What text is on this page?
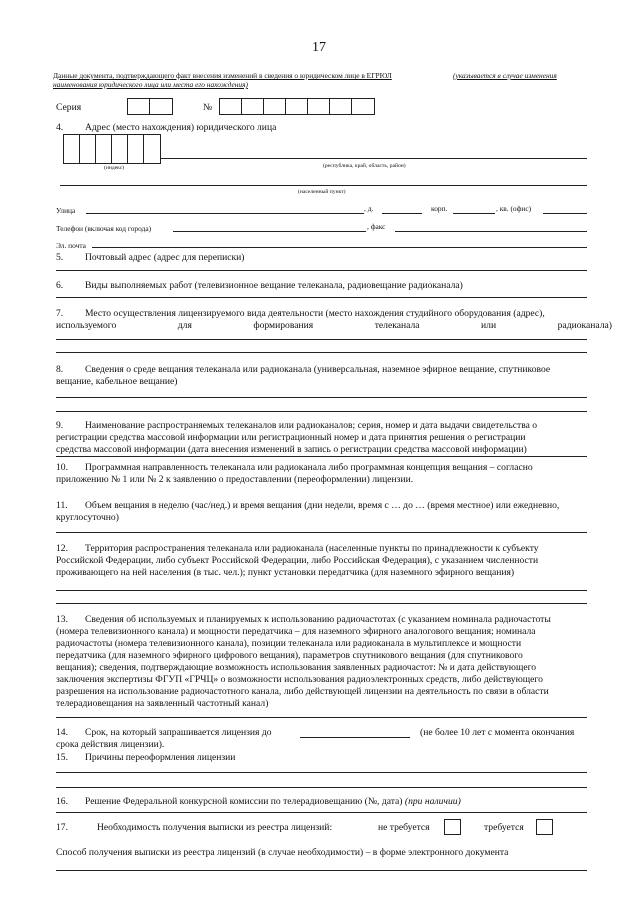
17
Данные документа, подтверждающего факт внесения изменений в сведения о юридическом лице в ЕГРЮЛ	(указывается в случае изменения наименования юридического лица или места его нахождения)
Серия	№
4. Адрес (место нахождения) юридического лица
(индекс)	(республика, край, область, район)
(населенный пункт)
Улица	, д.	корп.	, кв. (офис)
Телефон (включая код города)	, факс
Эл. почта
5. Почтовый адрес (адрес для переписки)
6. Виды выполняемых работ (телевизионное вещание телеканала, радиовещание радиоканала)
7. Место осуществления лицензируемого вида деятельности (место нахождения студийного оборудования (адрес),
используемого для формирования телеканала или радиоканала)
8. Сведения о среде вещания телеканала или радиоканала (универсальная, наземное эфирное вещание, спутниковое
вещание, кабельное вещание)
9. Наименование распространяемых телеканалов или радиоканалов; серия, номер и дата выдачи свидетельства о
регистрации средства массовой информации или регистрационный номер и дата принятия решения о регистрации
средства массовой информации (дата внесения изменений в запись о регистрации средства массовой информации)
10. Программная направленность телеканала или радиоканала либо программная концепция вещания – согласно
приложению № 1 или № 2 к заявлению о предоставлении (переоформлении) лицензии.
11. Объем вещания в неделю (час/нед.) и время вещания (дни недели, время с … до … (время местное) или ежедневно,
круглосуточно)
12. Территория распространения телеканала или радиоканала (населенные пункты по принадлежности к субъекту
Российской Федерации, либо субъект Российской Федерации, либо Российская Федерация), с указанием численности
проживающего на ней населения (в тыс. чел.); пункт установки передатчика (для наземного эфирного вещания)
13. Сведения об используемых и планируемых к использованию радиочастотах (с указанием номинала радиочастоты
(номера телевизионного канала) и мощности передатчика – для наземного эфирного аналогового вещания; номинала
радиочастоты (номера телевизионного канала), позиции телеканала или радиоканала в мультиплексе и мощности
передатчика (для наземного эфирного цифрового вещания), параметров спутникового вещания (для спутникового
вещания); сведения, подтверждающие возможность использования заявленных радиочастот: № и дата действующего
заключения экспертизы ФГУП «ГРЧЦ» о возможности использования радиоэлектронных средств, либо действующего
разрешения на использование радиочастотного канала, либо действующей лицензии на деятельность по связи в области
телерадиовещания на заявленный частотный канал)
14. Срок, на который запрашивается лицензия до	(не более 10 лет с момента окончания
срока действия лицензии).
15. Причины переоформления лицензии
16. Решение Федеральной конкурсной комиссии по телерадиовещанию (№, дата) (при наличии)
17.	Необходимость получения выписки из реестра лицензий:	не требуется	требуется
Способ получения выписки из реестра лицензий (в случае необходимости) – в форме электронного документа
